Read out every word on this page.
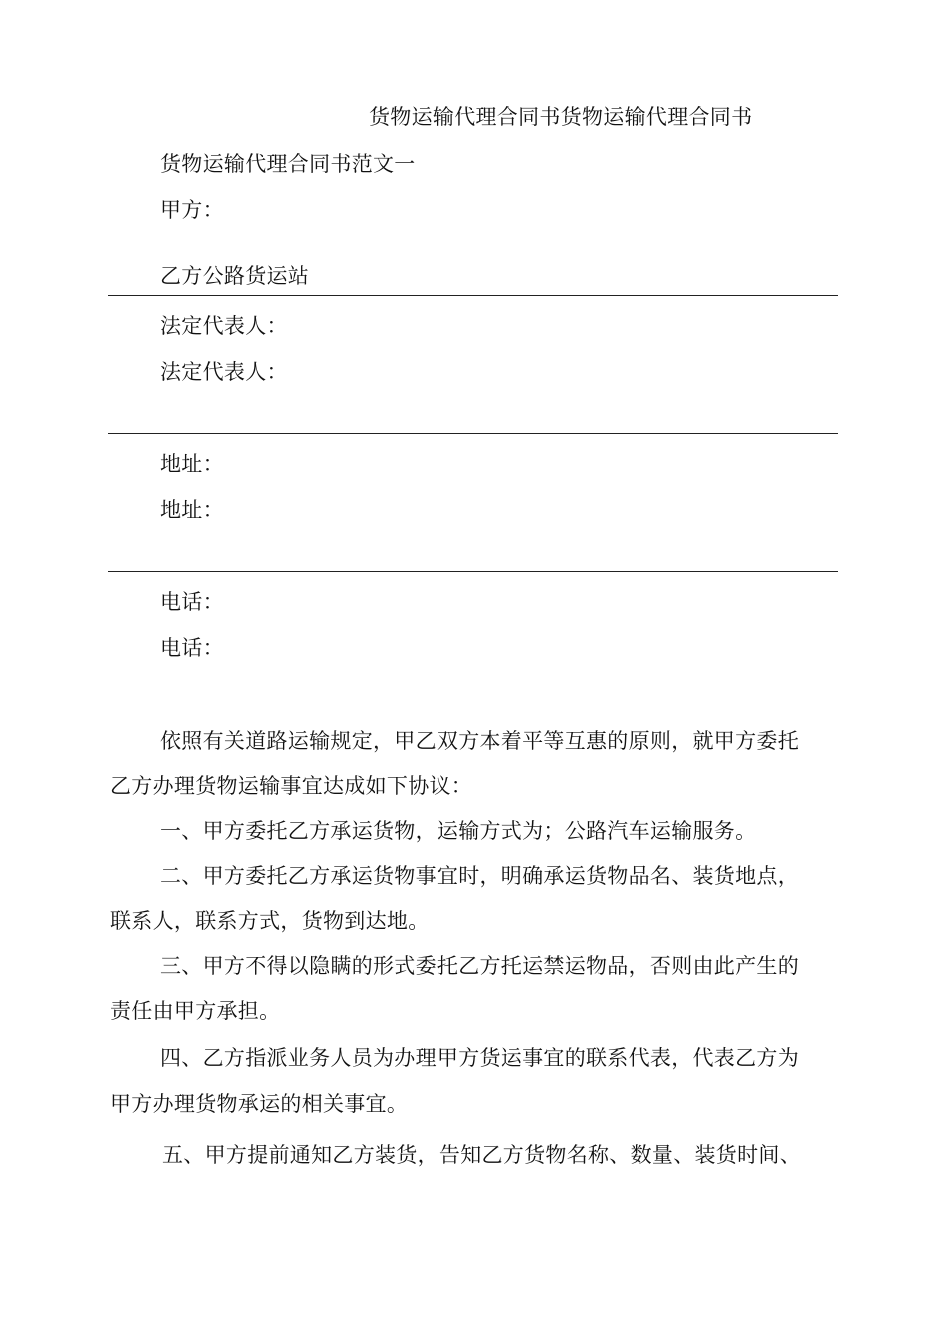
货物运输代理合同书货物运输代理合同书
货物运输代理合同书范文一
甲方：
乙方公路货运站
法定代表人：
法定代表人：
地址：
地址：
电话：
电话：
依照有关道路运输规定，甲乙双方本着平等互惠的原则，就甲方委托
乙方办理货物运输事宜达成如下协议：
一、甲方委托乙方承运货物，运输方式为；公路汽车运输服务。
二、甲方委托乙方承运货物事宜时，明确承运货物品名、装货地点，
联系人，联系方式，货物到达地。
三、甲方不得以隐瞒的形式委托乙方托运禁运物品，否则由此产生的
责任由甲方承担。
四、乙方指派业务人员为办理甲方货运事宜的联系代表，代表乙方为
甲方办理货物承运的相关事宜。
五、甲方提前通知乙方装货，告知乙方货物名称、数量、装货时间、
